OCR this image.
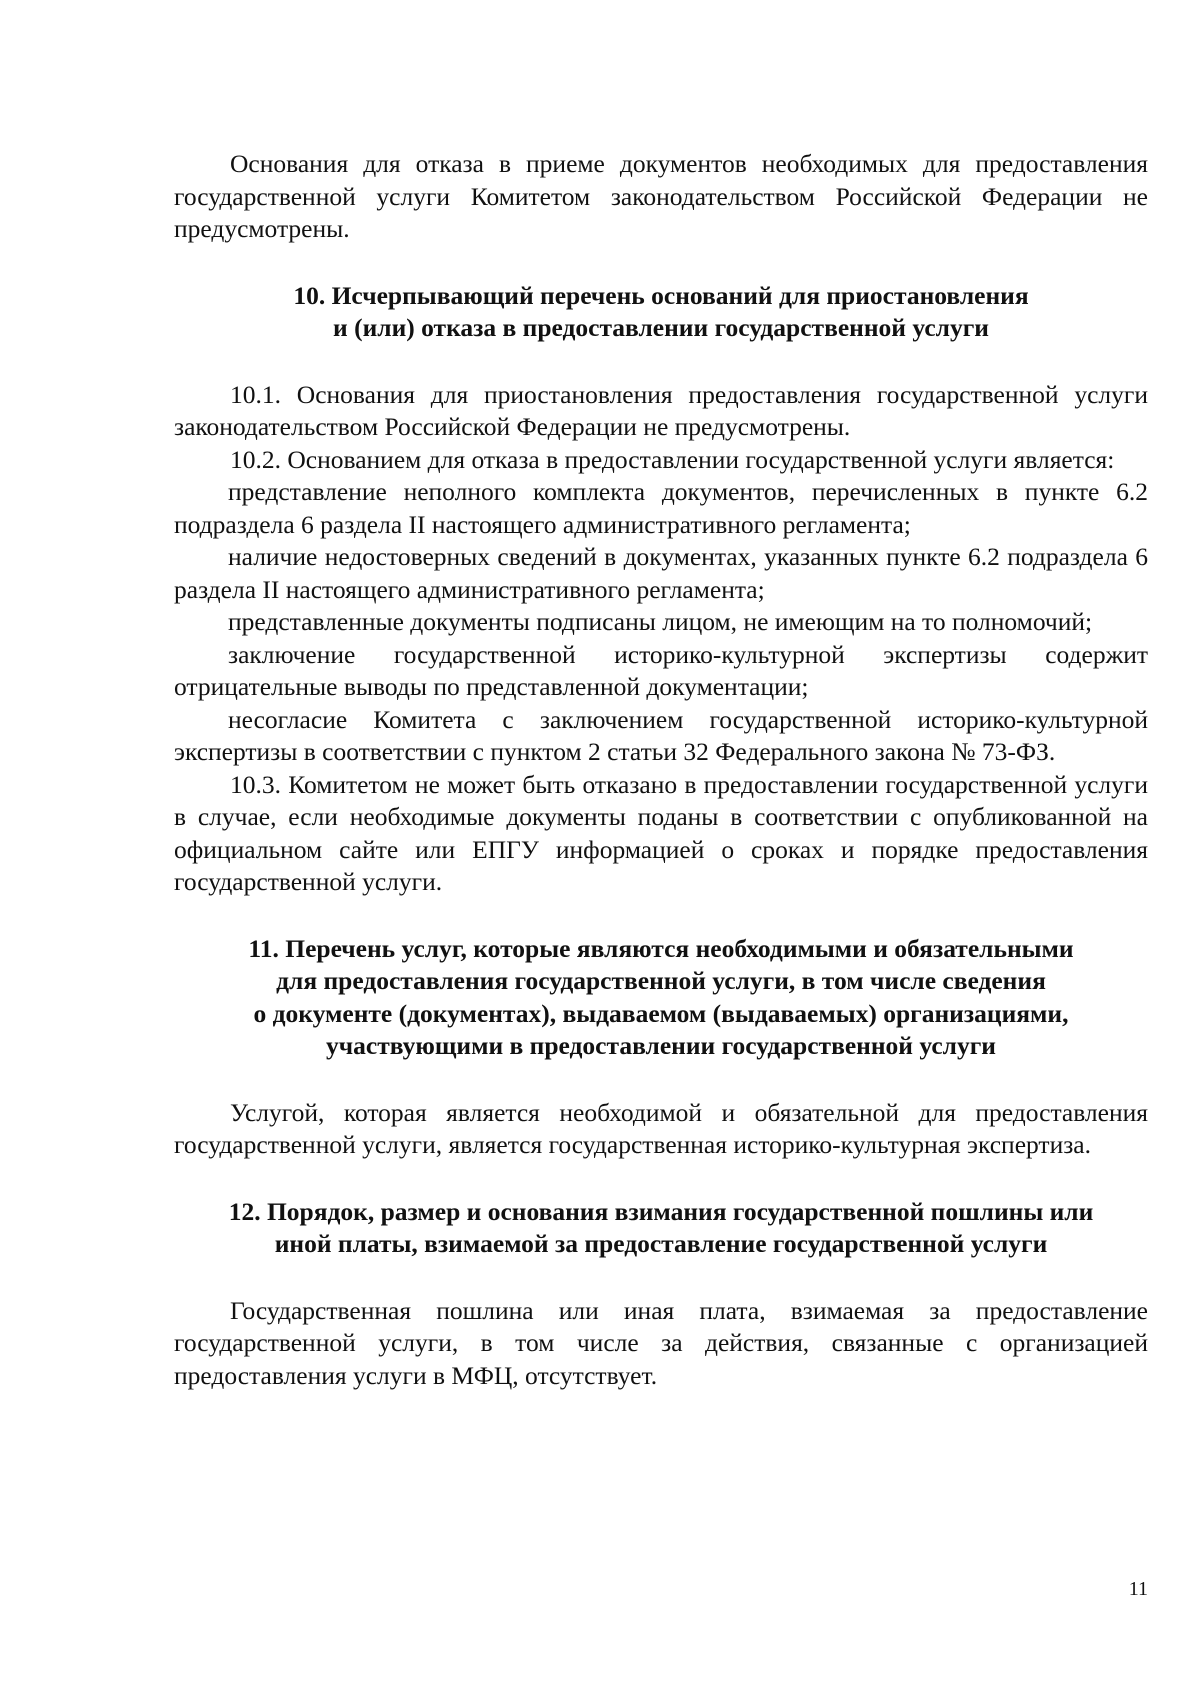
Основания для отказа в приеме документов необходимых для предоставления государственной услуги Комитетом законодательством Российской Федерации не предусмотрены.

10. Исчерпывающий перечень оснований для приостановления
и (или) отказа в предоставлении государственной услуги

10.1. Основания для приостановления предоставления государственной услуги законодательством Российской Федерации не предусмотрены.

10.2. Основанием для отказа в предоставлении государственной услуги является:

представление неполного комплекта документов, перечисленных в пункте 6.2 подраздела 6 раздела II настоящего административного регламента;

наличие недостоверных сведений в документах, указанных пункте 6.2 подраздела 6 раздела II настоящего административного регламента;

представленные документы подписаны лицом, не имеющим на то полномочий;

заключение государственной историко-культурной экспертизы содержит отрицательные выводы по представленной документации;

несогласие Комитета с заключением государственной историко-культурной экспертизы в соответствии с пунктом 2 статьи 32 Федерального закона № 73-ФЗ.

10.3. Комитетом не может быть отказано в предоставлении государственной услуги в случае, если необходимые документы поданы в соответствии с опубликованной на официальном сайте или ЕПГУ информацией о сроках и порядке предоставления государственной услуги.

11. Перечень услуг, которые являются необходимыми и обязательными
для предоставления государственной услуги, в том числе сведения
о документе (документах), выдаваемом (выдаваемых) организациями,
участвующими в предоставлении государственной услуги

Услугой, которая является необходимой и обязательной для предоставления государственной услуги, является государственная историко-культурная экспертиза.

12. Порядок, размер и основания взимания государственной пошлины или
иной платы, взимаемой за предоставление государственной услуги

Государственная пошлина или иная плата, взимаемая за предоставление государственной услуги, в том числе за действия, связанные с организацией предоставления услуги в МФЦ, отсутствует.

11
